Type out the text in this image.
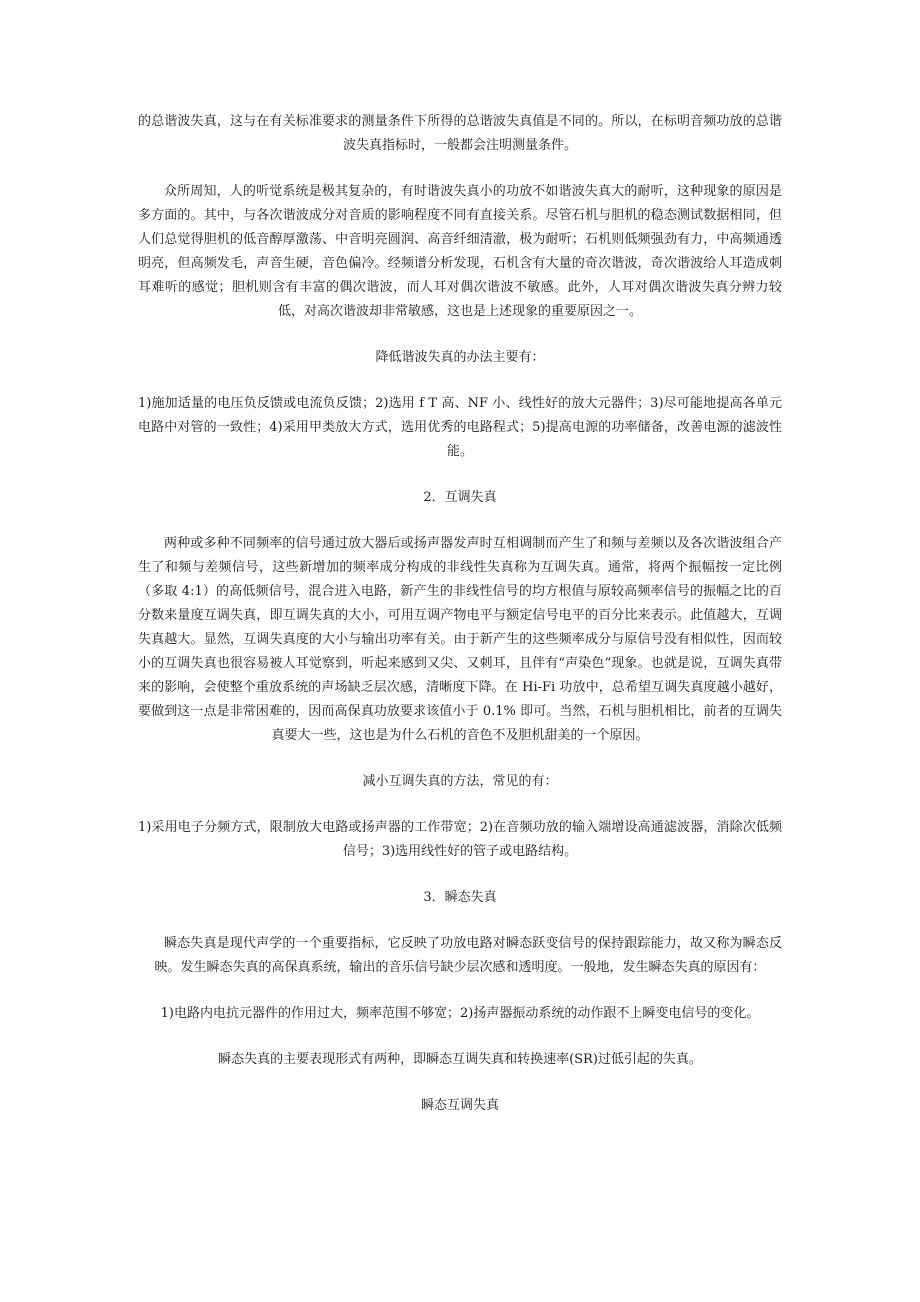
的总谐波失真，这与在有关标准要求的测量条件下所得的总谐波失真值是不同的。所以，在标明音频功放的总谐波失真指标时，一般都会注明测量条件。

众所周知，人的听觉系统是极其复杂的，有时谐波失真小的功放不如谐波失真大的耐听，这种现象的原因是多方面的。其中，与各次谐波成分对音质的影响程度不同有直接关系。尽管石机与胆机的稳态测试数据相同，但人们总觉得胆机的低音醇厚激荡、中音明亮圆润、高音纤细清澈，极为耐听；石机则低频强劲有力，中高频通透明亮，但高频发毛，声音生硬，音色偏冷。经频谱分析发现，石机含有大量的奇次谐波，奇次谐波给人耳造成刺耳难听的感觉；胆机则含有丰富的偶次谐波，而人耳对偶次谐波不敏感。此外，人耳对偶次谐波失真分辨力较低，对高次谐波却非常敏感，这也是上述现象的重要原因之一。

降低谐波失真的办法主要有：

1)施加适量的电压负反馈或电流负反馈；2)选用 f T 高、NF 小、线性好的放大元器件；3)尽可能地提高各单元电路中对管的一致性；4)采用甲类放大方式，选用优秀的电路程式；5)提高电源的功率储备，改善电源的滤波性能。

2．互调失真

两种或多种不同频率的信号通过放大器后或扬声器发声时互相调制而产生了和频与差频以及各次谐波组合产生了和频与差频信号，这些新增加的频率成分构成的非线性失真称为互调失真。通常，将两个振幅按一定比例（多取 4:1）的高低频信号，混合进入电路，新产生的非线性信号的均方根值与原较高频率信号的振幅之比的百分数来量度互调失真，即互调失真的大小，可用互调产物电平与额定信号电平的百分比来表示。此值越大，互调失真越大。显然，互调失真度的大小与输出功率有关。由于新产生的这些频率成分与原信号没有相似性，因而较小的互调失真也很容易被人耳觉察到，听起来感到又尖、又刺耳，且伴有“声染色”现象。也就是说，互调失真带来的影响，会使整个重放系统的声场缺乏层次感，清晰度下降。在 Hi-Fi 功放中，总希望互调失真度越小越好，要做到这一点是非常困难的，因而高保真功放要求该值小于 0.1% 即可。当然，石机与胆机相比，前者的互调失真要大一些，这也是为什么石机的音色不及胆机甜美的一个原因。

减小互调失真的方法，常见的有：

1)采用电子分频方式，限制放大电路或扬声器的工作带宽；2)在音频功放的输入端增设高通滤波器，消除次低频信号；3)选用线性好的管子或电路结构。

3．瞬态失真

瞬态失真是现代声学的一个重要指标，它反映了功放电路对瞬态跃变信号的保持跟踪能力，故又称为瞬态反映。发生瞬态失真的高保真系统，输出的音乐信号缺少层次感和透明度。一般地，发生瞬态失真的原因有：

1)电路内电抗元器件的作用过大，频率范围不够宽；2)扬声器振动系统的动作跟不上瞬变电信号的变化。

瞬态失真的主要表现形式有两种，即瞬态互调失真和转换速率(SR)过低引起的失真。

瞬态互调失真
